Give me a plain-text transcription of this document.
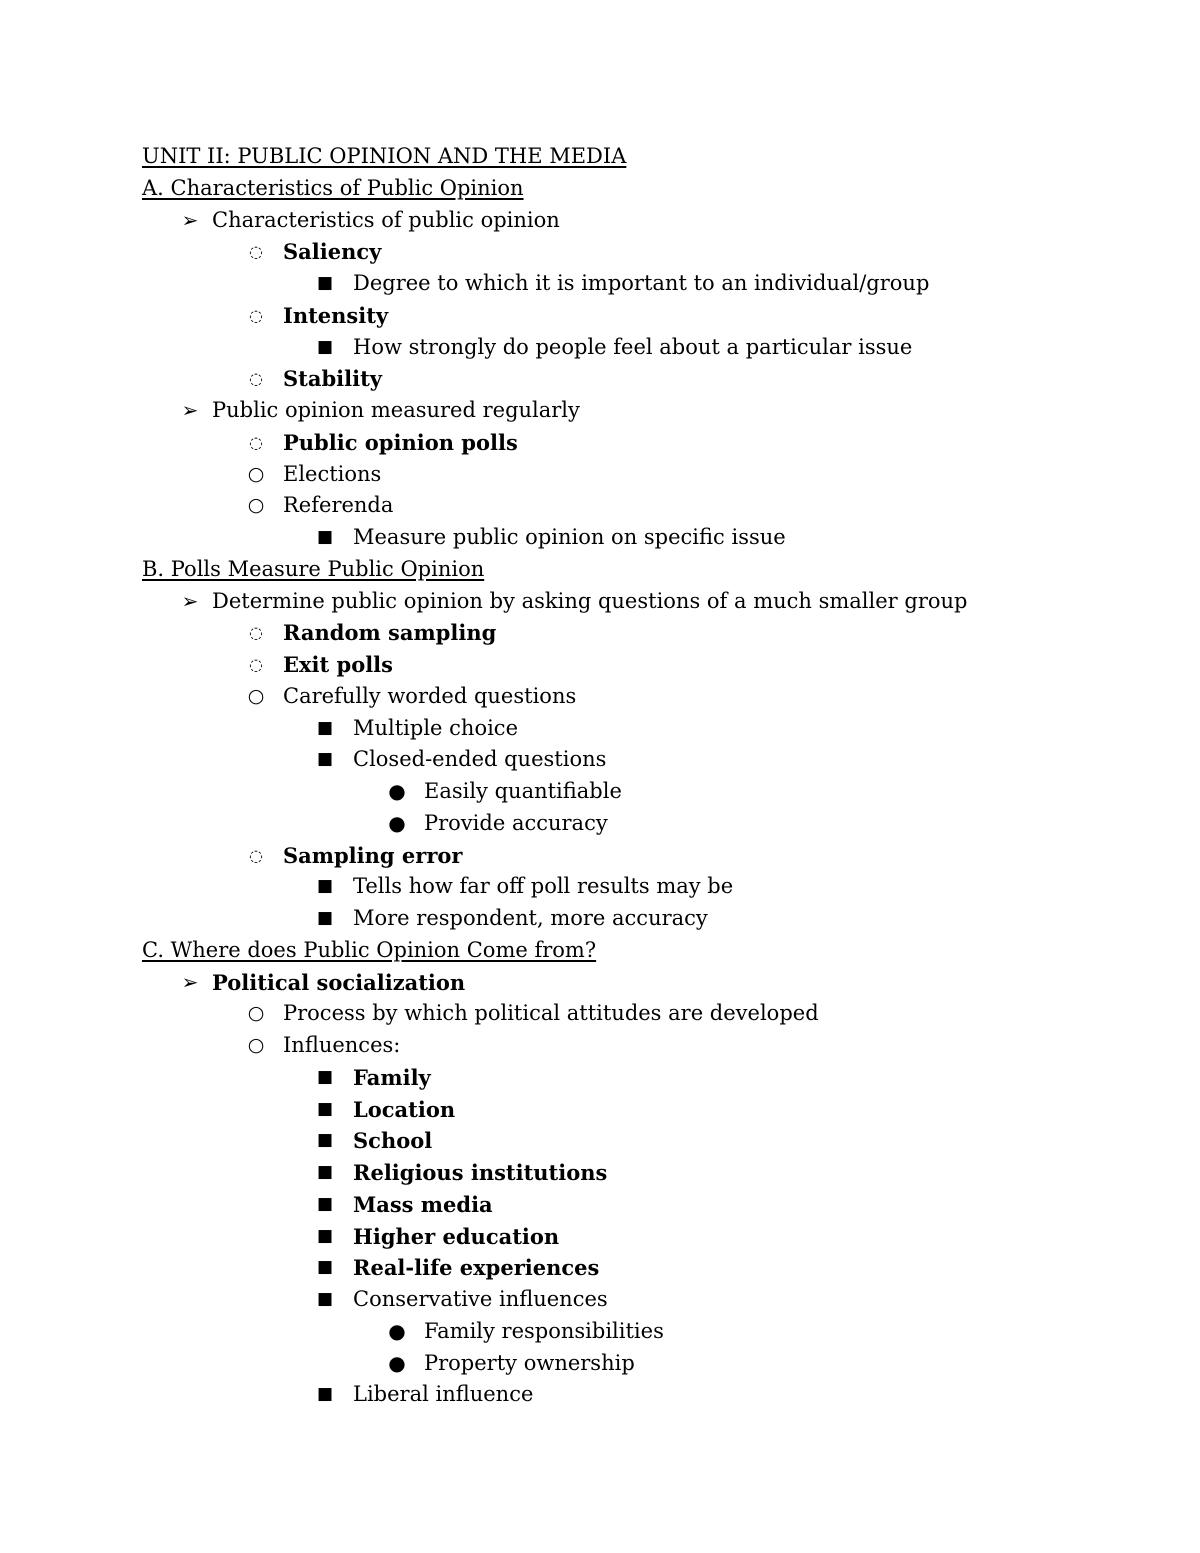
UNIT II: PUBLIC OPINION AND THE MEDIA
A. Characteristics of Public Opinion
➢ Characteristics of public opinion
◌ Saliency
■ Degree to which it is important to an individual/group
◌ Intensity
■ How strongly do people feel about a particular issue
◌ Stability
➢ Public opinion measured regularly
◌ Public opinion polls
○ Elections
○ Referenda
■ Measure public opinion on specific issue
B. Polls Measure Public Opinion
➢ Determine public opinion by asking questions of a much smaller group
◌ Random sampling
◌ Exit polls
○ Carefully worded questions
■ Multiple choice
■ Closed-ended questions
● Easily quantifiable
● Provide accuracy
◌ Sampling error
■ Tells how far off poll results may be
■ More respondent, more accuracy
C. Where does Public Opinion Come from?
➢ Political socialization
○ Process by which political attitudes are developed
○ Influences:
■ Family
■ Location
■ School
■ Religious institutions
■ Mass media
■ Higher education
■ Real-life experiences
■ Conservative influences
● Family responsibilities
● Property ownership
■ Liberal influence
